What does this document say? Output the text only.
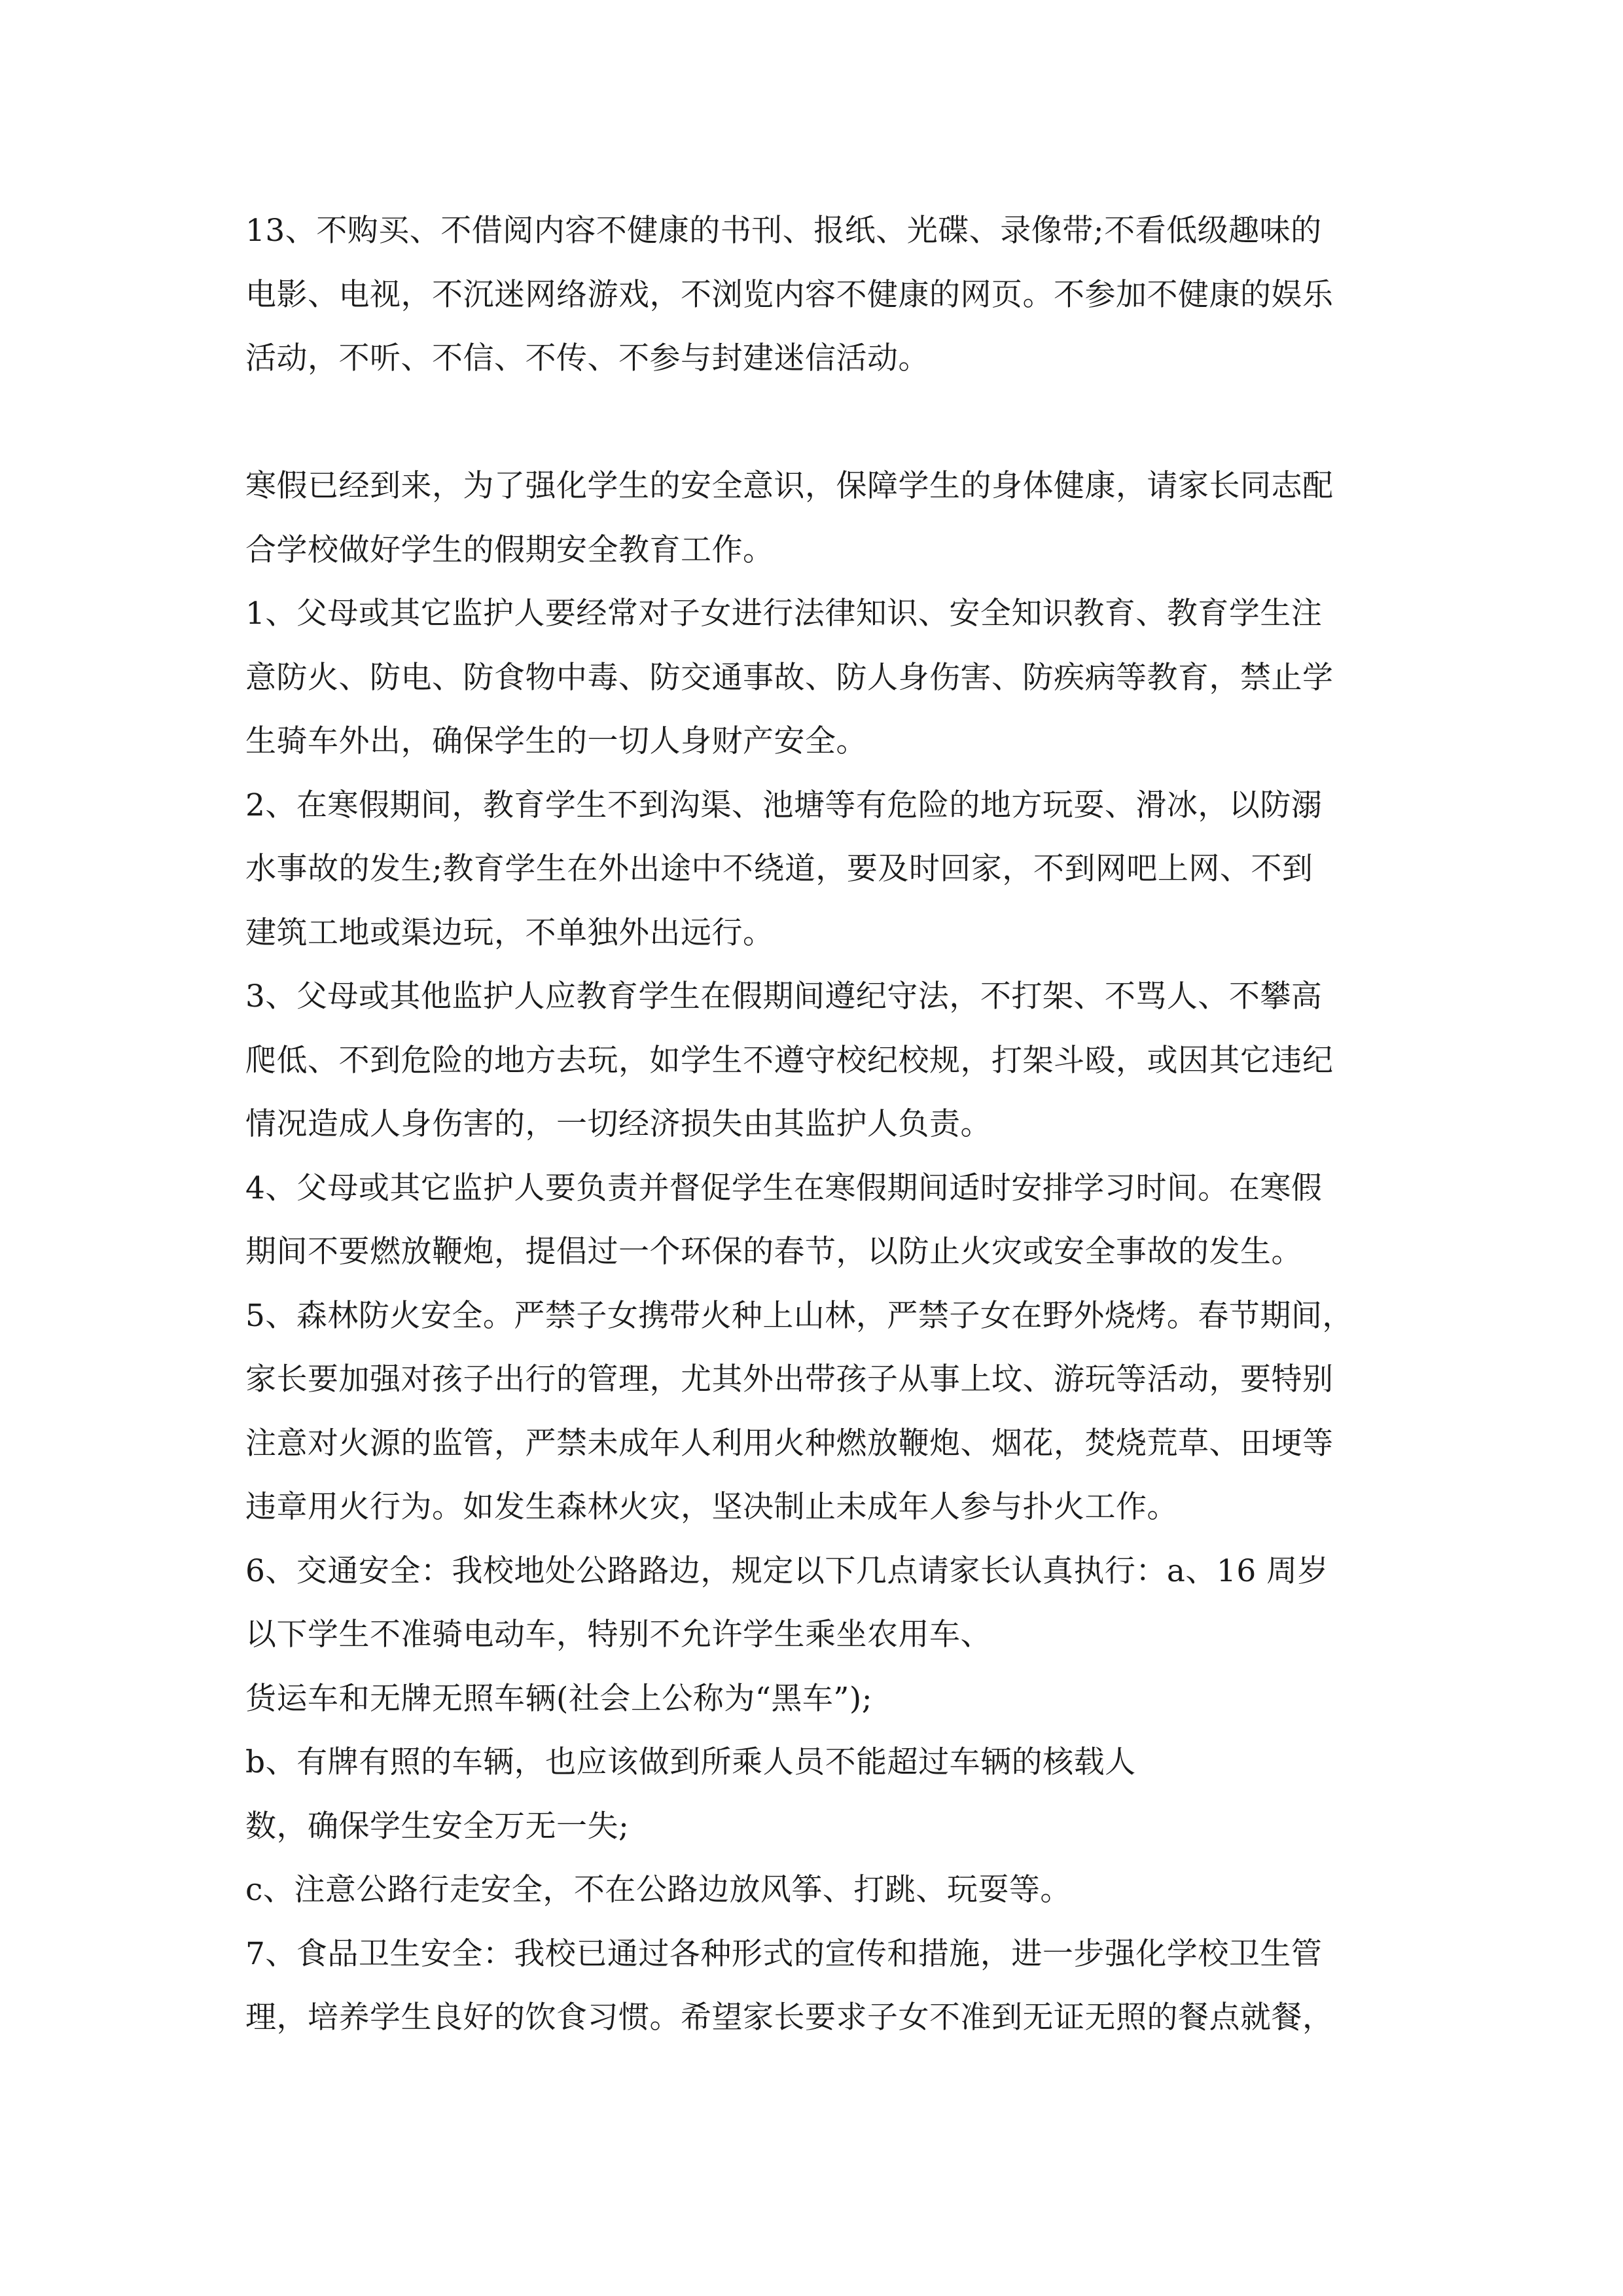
13、不购买、不借阅内容不健康的书刊、报纸、光碟、录像带;不看低级趣味的
电影、电视，不沉迷网络游戏，不浏览内容不健康的网页。不参加不健康的娱乐
活动，不听、不信、不传、不参与封建迷信活动。
寒假已经到来，为了强化学生的安全意识，保障学生的身体健康，请家长同志配
合学校做好学生的假期安全教育工作。
1、父母或其它监护人要经常对子女进行法律知识、安全知识教育、教育学生注
意防火、防电、防食物中毒、防交通事故、防人身伤害、防疾病等教育，禁止学
生骑车外出，确保学生的一切人身财产安全。
2、在寒假期间，教育学生不到沟渠、池塘等有危险的地方玩耍、滑冰，以防溺
水事故的发生;教育学生在外出途中不绕道，要及时回家，不到网吧上网、不到
建筑工地或渠边玩，不单独外出远行。
3、父母或其他监护人应教育学生在假期间遵纪守法，不打架、不骂人、不攀高
爬低、不到危险的地方去玩，如学生不遵守校纪校规，打架斗殴，或因其它违纪
情况造成人身伤害的，一切经济损失由其监护人负责。
4、父母或其它监护人要负责并督促学生在寒假期间适时安排学习时间。在寒假
期间不要燃放鞭炮，提倡过一个环保的春节，以防止火灾或安全事故的发生。
5、森林防火安全。严禁子女携带火种上山林，严禁子女在野外烧烤。春节期间，
家长要加强对孩子出行的管理，尤其外出带孩子从事上坟、游玩等活动，要特别
注意对火源的监管，严禁未成年人利用火种燃放鞭炮、烟花，焚烧荒草、田埂等
违章用火行为。如发生森林火灾，坚决制止未成年人参与扑火工作。
6、交通安全：我校地处公路路边，规定以下几点请家长认真执行：a、16 周岁
以下学生不准骑电动车，特别不允许学生乘坐农用车、
货运车和无牌无照车辆(社会上公称为“黑车”);
b、有牌有照的车辆，也应该做到所乘人员不能超过车辆的核载人
数，确保学生安全万无一失;
c、注意公路行走安全，不在公路边放风筝、打跳、玩耍等。
7、食品卫生安全：我校已通过各种形式的宣传和措施，进一步强化学校卫生管
理，培养学生良好的饮食习惯。希望家长要求子女不准到无证无照的餐点就餐，
